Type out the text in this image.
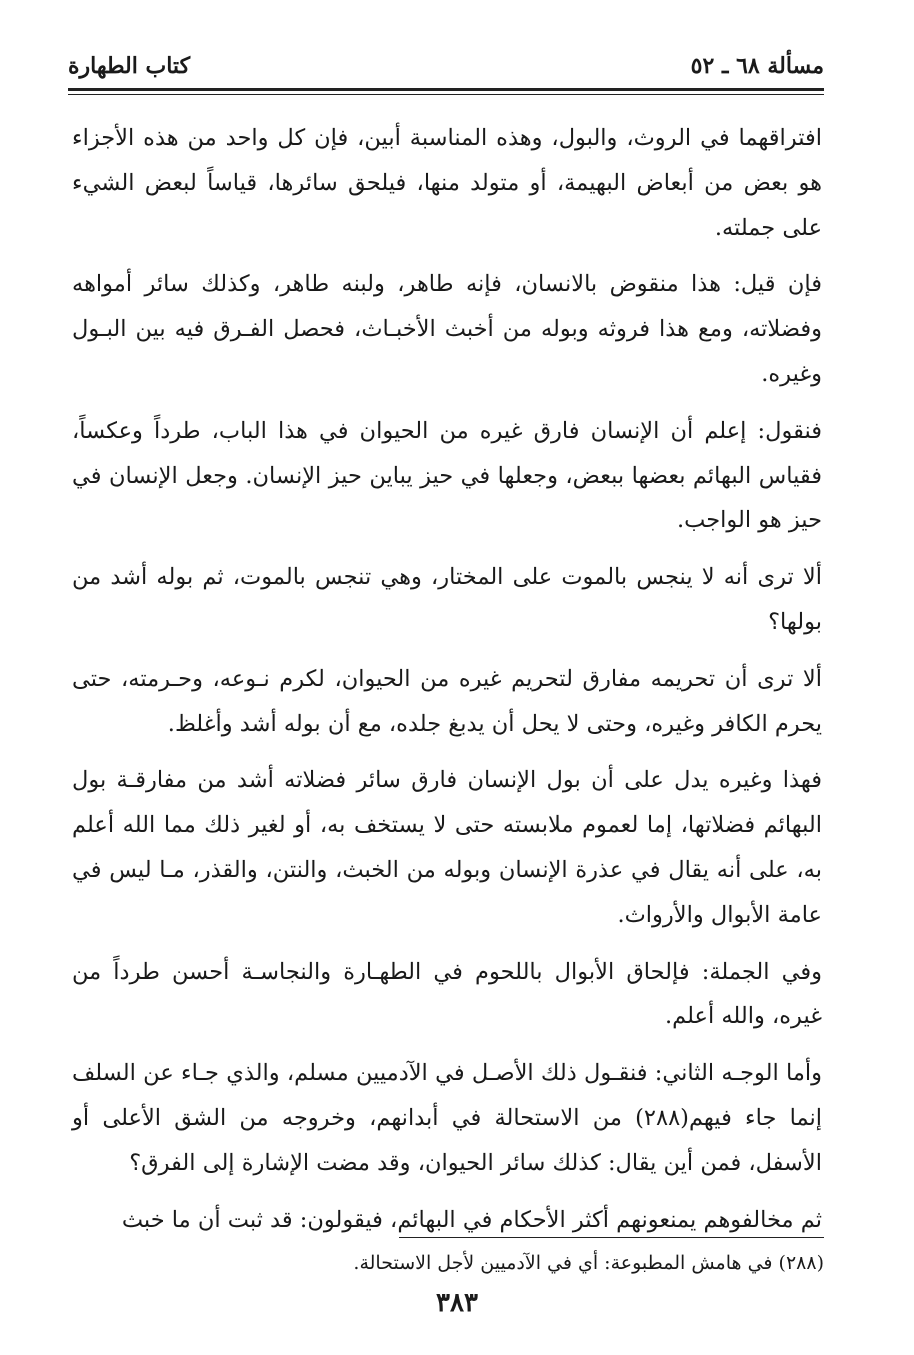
مسألة ٦٨ ـ ٥٢
كتاب الطهارة

افتراقهما في الروث، والبول، وهذه المناسبة أبين، فإن كل واحد من هذه الأجزاء هو بعض من أبعاض البهيمة، أو متولد منها، فيلحق سائرها، قياساً لبعض الشيء على جملته.

فإن قيل: هذا منقوض بالانسان، فإنه طاهر، ولبنه طاهر، وكذلك سائر أمواهه وفضلاته، ومع هذا فروثه وبوله من أخبث الأخبـاث، فحصل الفـرق فيه بين البـول وغيره.

فنقول: إعلم أن الإنسان فارق غيره من الحيوان في هذا الباب، طرداً وعكساً، فقياس البهائم بعضها ببعض، وجعلها في حيز يباين حيز الإنسان. وجعل الإنسان في حيز هو الواجب.

ألا ترى أنه لا ينجس بالموت على المختار، وهي تنجس بالموت، ثم بوله أشد من بولها؟

ألا ترى أن تحريمه مفارق لتحريم غيره من الحيوان، لكرم نـوعه، وحـرمته، حتى يحرم الكافر وغيره، وحتى لا يحل أن يدبغ جلده، مع أن بوله أشد وأغلظ.

فهذا وغيره يدل على أن بول الإنسان فارق سائر فضلاته أشد من مفارقـة بول البهائم فضلاتها، إما لعموم ملابسته حتى لا يستخف به، أو لغير ذلك مما الله أعلم به، على أنه يقال في عذرة الإنسان وبوله من الخبث، والنتن، والقذر، مـا ليس في عامة الأبوال والأرواث.

وفي الجملة: فإلحاق الأبوال باللحوم في الطهـارة والنجاسـة أحسن طرداً من غيره، والله أعلم.

وأما الوجـه الثاني: فنقـول ذلك الأصـل في الآدميين مسلم، والذي جـاء عن السلف إنما جاء فيهم(٢٨٨) من الاستحالة في أبدانهم، وخروجه من الشق الأعلى أو الأسفل، فمن أين يقال: كذلك سائر الحيوان، وقد مضت الإشارة إلى الفرق؟

ثم مخالفوهم يمنعونهم أكثر الأحكام في البهائم، فيقولون: قد ثبت أن ما خبث

(٢٨٨) في هامش المطبوعة: أي في الآدميين لأجل الاستحالة.
٣٨٣
